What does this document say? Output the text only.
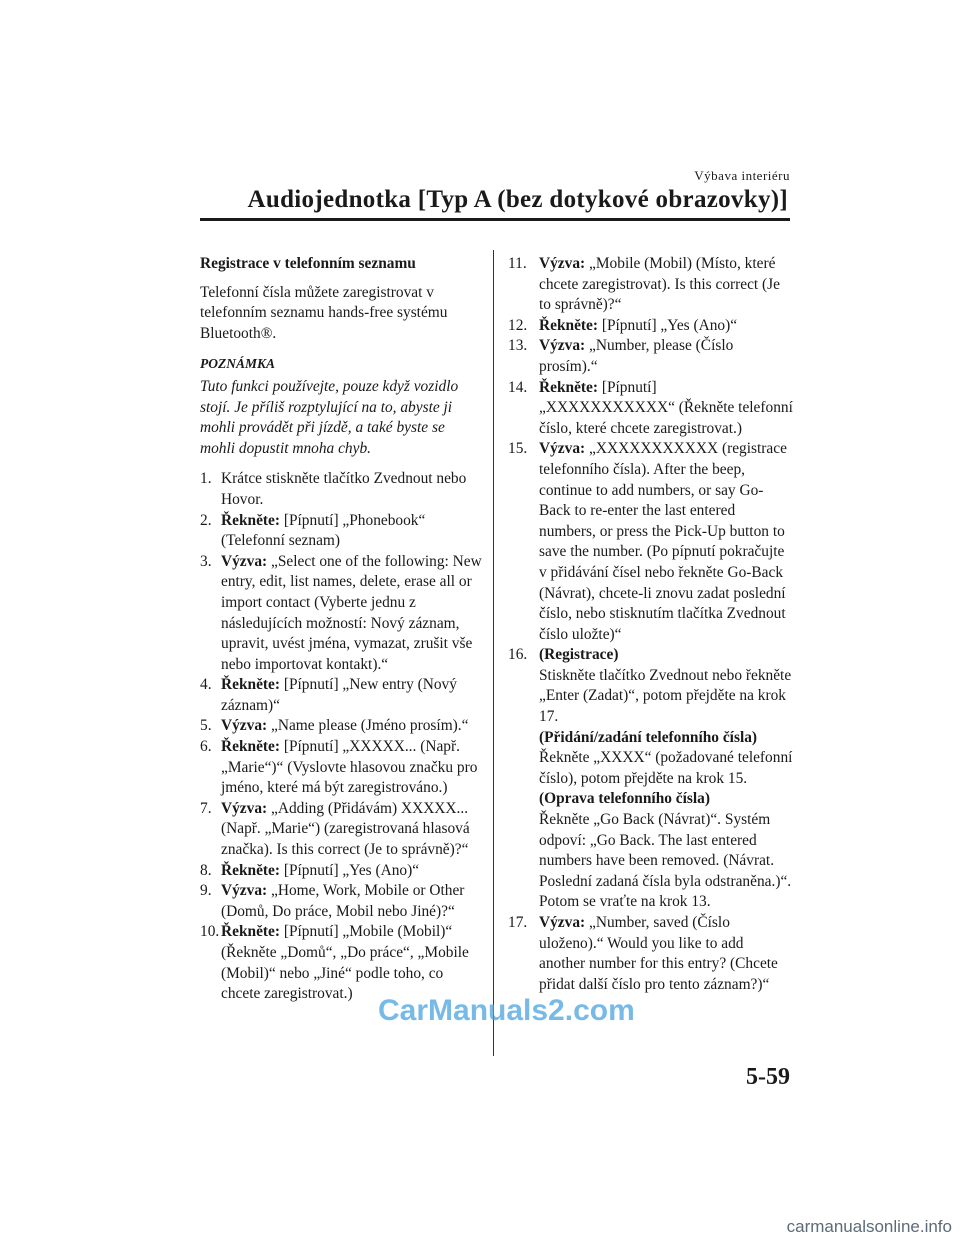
Výbava interiéru
Audiojednotka [Typ A (bez dotykové obrazovky)]
Registrace v telefonním seznamu

Telefonní čísla můžete zaregistrovat v telefonním seznamu hands-free systému Bluetooth®.

POZNÁMKA

Tuto funkci používejte, pouze když vozidlo stojí. Je příliš rozptylující na to, abyste ji mohli provádět při jízdě, a také byste se mohli dopustit mnoha chyb.

1. Krátce stiskněte tlačítko Zvednout nebo Hovor.
2. Řekněte: [Pípnutí] „Phonebook“ (Telefonní seznam)
3. Výzva: „Select one of the following: New entry, edit, list names, delete, erase all or import contact (Vyberte jednu z následujících možností: Nový záznam, upravit, uvést jména, vymazat, zrušit vše nebo importovat kontakt).“
4. Řekněte: [Pípnutí] „New entry (Nový záznam)“
5. Výzva: „Name please (Jméno prosím).“
6. Řekněte: [Pípnutí] „XXXXX... (Např. „Marie“)“ (Vyslovte hlasovou značku pro jméno, které má být zaregistrováno.)
7. Výzva: „Adding (Přidávám) XXXXX... (Např. „Marie“) (zaregistrovaná hlasová značka). Is this correct (Je to správně)?“
8. Řekněte: [Pípnutí] „Yes (Ano)“
9. Výzva: „Home, Work, Mobile or Other (Domů, Do práce, Mobil nebo Jiné)?“
10. Řekněte: [Pípnutí] „Mobile (Mobil)“ (Řekněte „Domů“, „Do práce“, „Mobile (Mobil)“ nebo „Jiné“ podle toho, co chcete zaregistrovat.)
11. Výzva: „Mobile (Mobil) (Místo, které chcete zaregistrovat). Is this correct (Je to správně)?“
12. Řekněte: [Pípnutí] „Yes (Ano)“
13. Výzva: „Number, please (Číslo prosím).“
14. Řekněte: [Pípnutí] „XXXXXXXXXXX“ (Řekněte telefonní číslo, které chcete zaregistrovat.)
15. Výzva: „XXXXXXXXXXX (registrace telefonního čísla). After the beep, continue to add numbers, or say Go-Back to re-enter the last entered numbers, or press the Pick-Up button to save the number. (Po pípnutí pokračujte v přidávání čísel nebo řekněte Go-Back (Návrat), chcete-li znovu zadat poslední číslo, nebo stisknutím tlačítka Zvednout číslo uložte)“
16. (Registrace)
Stiskněte tlačítko Zvednout nebo řekněte „Enter (Zadat)“, potom přejděte na krok 17.
(Přidání/zadání telefonního čísla)
Řekněte „XXXX“ (požadované telefonní číslo), potom přejděte na krok 15.
(Oprava telefonního čísla)
Řekněte „Go Back (Návrat)“. Systém odpoví: „Go Back. The last entered numbers have been removed. (Návrat. Poslední zadaná čísla byla odstraněna.)“. Potom se vraťte na krok 13.
17. Výzva: „Number, saved (Číslo uloženo).“ Would you like to add another number for this entry? (Chcete přidat další číslo pro tento záznam?)“
5-59
CarManuals2.com
carmanualsonline.info
